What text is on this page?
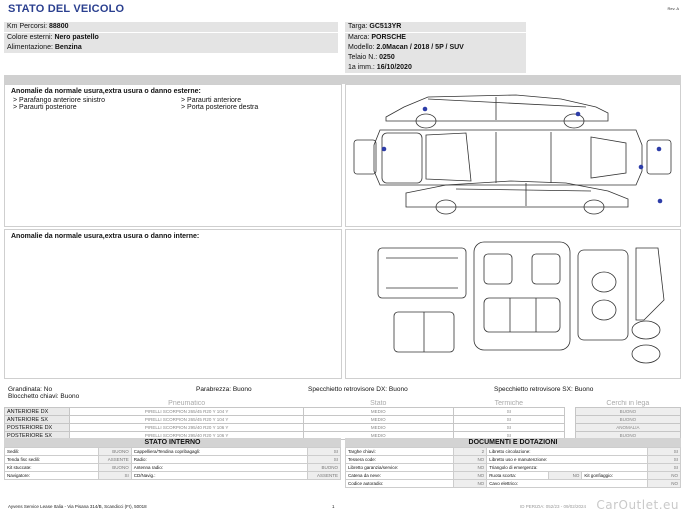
STATO DEL VEICOLO	Rev. A
Km Percorsi: 88800
Colore esterni: Nero pastello
Alimentazione: Benzina
Targa: GC513YR
Marca: PORSCHE
Modello: 2.0Macan / 2018 / 5P / SUV
Telaio N.: 0250
1a imm.: 16/10/2020
Anomalie da normale usura,extra usura o danno esterne:
> Parafango anteriore sinistro
> Paraurti posteriore
> Paraurti anteriore
> Porta posteriore destra
Anomalie da normale usura,extra usura o danno interne:
Grandinata: No
Blocchetto chiavi: Buono
Parabrezza: Buono	Specchietto retrovisore DX: Buono	Specchietto retrovisore SX: Buono
	Pneumatico	Stato	Termiche		Cerchi in lega
ANTERIORE DX	PIRELLI SCORPION 265/45 R20 Y 104 Y	MEDIO	SI		BUONO
ANTERIORE SX	PIRELLI SCORPION 265/45 R20 Y 104 Y	MEDIO	SI		BUONO
POSTERIORE DX	PIRELLI SCORPION 295/40 R20 Y 106 Y	MEDIO	SI		ANOMALIA
POSTERIORE SX	PIRELLI SCORPION 295/40 R20 Y 106 Y	MEDIO	SI		BUONO
STATO INTERNO
Sedili:	BUONO	Cappelliera/Tendina copribagagli:	SI
Tenda fisc sedili:	ASSENTE	Radio:	SI
Kit stuccate:	BUONO	Antenna radio:	BUONO
Navigatore:	SI	CD/Navig.:	ASSENTE
DOCUMENTI E DOTAZIONI
Targhe chiavi:	2	Libretto circolazione:			SI
Tessera code:	NO	Libretto uso e manutenzione:			SI
Libretto garanzia/service:	NO	Triangolo di emergenza:			SI
Catena da neve:	NO	Ruota scorta:	NO	Kit gonfiaggio:	NO
Codice autoradio:	NO	Cavo elettrico:			NO
Ayvens Service Lease Italia - Via Pisana 314/B, Scandicci (FI), 50018	1	ID PERIZIA: 052/23 - 09/02/2024 CarOutlet.eu
